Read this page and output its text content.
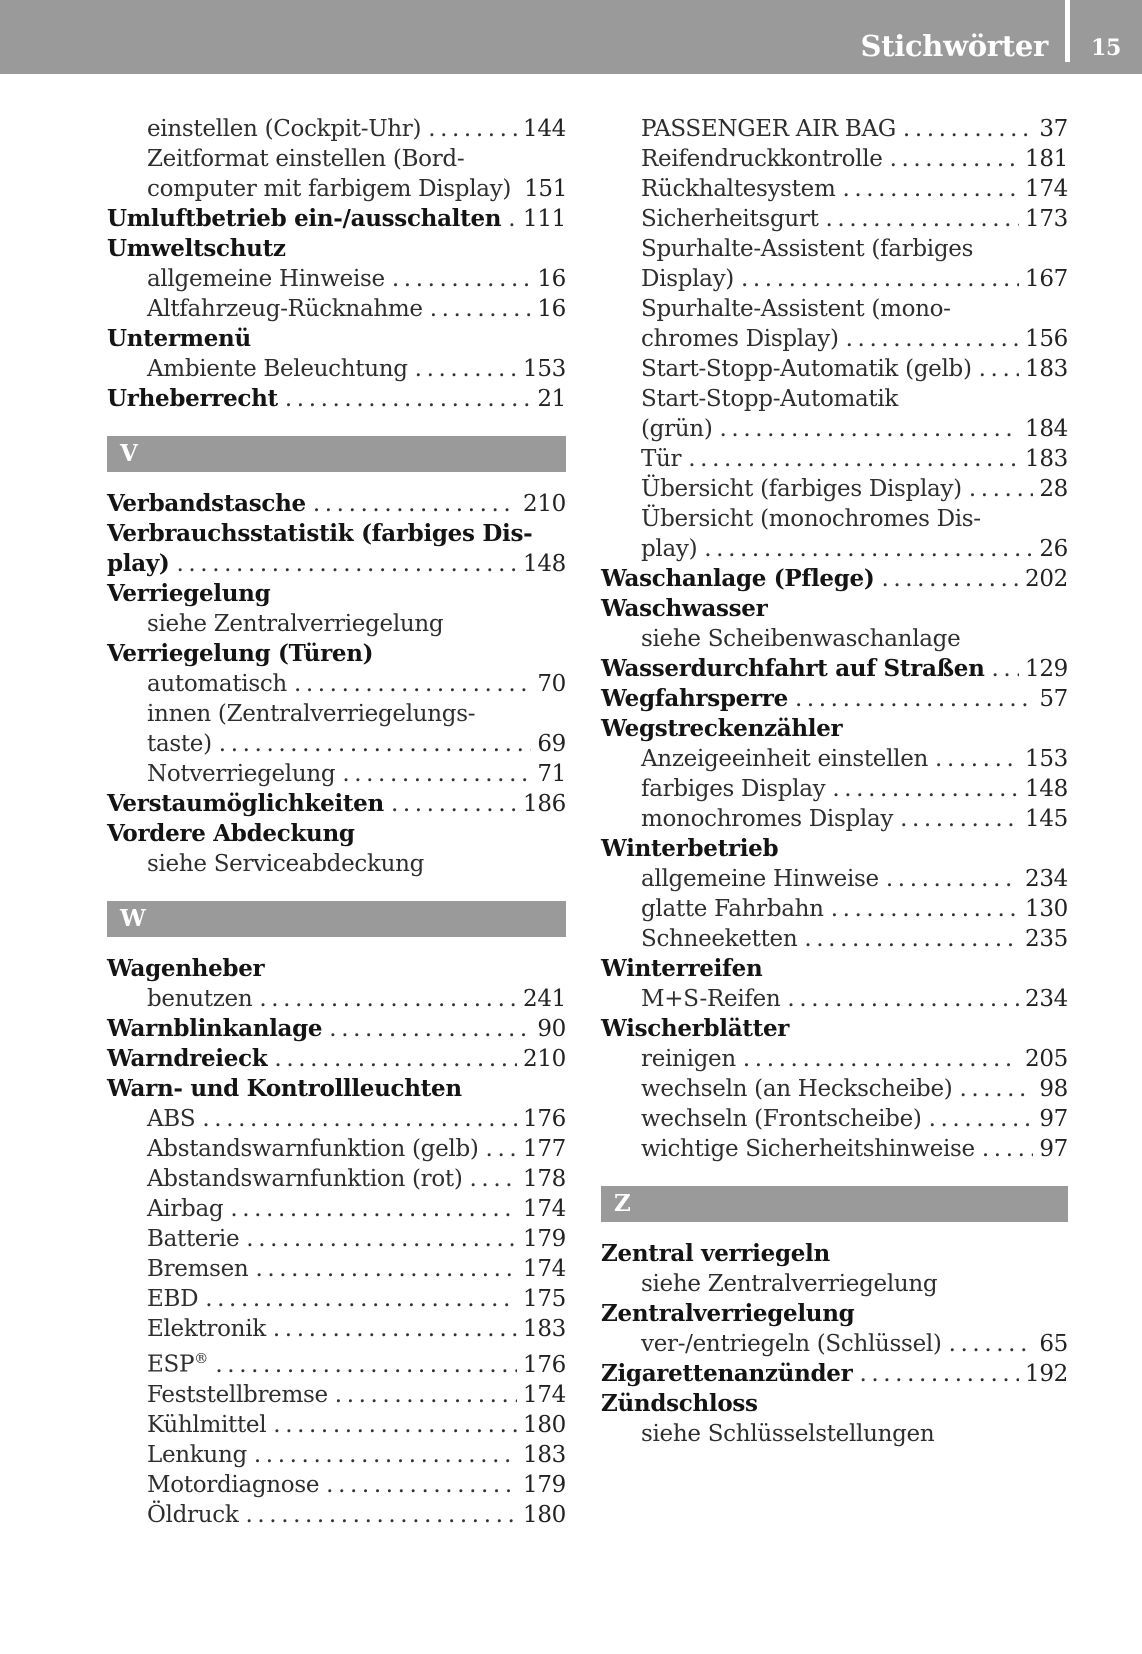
Stichwörter	15
einstellen (Cockpit-Uhr) .....	144
Zeitformat einstellen (Bord-
computer mit farbigem Display) 151
Umluftbetrieb ein-/ausschalten ..... 111
Umweltschutz
allgemeine Hinweise .....	16
Altfahrzeug-Rücknahme .....	16
Untermenü
Ambiente Beleuchtung .....	153
Urheberrecht .....	21
V
Verbandstasche .....	210
Verbrauchsstatistik (farbiges Dis-
play) .....	148
Verriegelung
siehe Zentralverriegelung
Verriegelung (Türen)
automatisch .....	70
innen (Zentralverriegelungs-
taste) .....	69
Notverriegelung .....	71
Verstaumöglichkeiten .....	186
Vordere Abdeckung
siehe Serviceabdeckung
W
Wagenheber
benutzen .....	241
Warnblinkanlage .....	90
Warndreieck .....	210
Warn- und Kontrollleuchten
ABS .....	176
Abstandswarnfunktion (gelb) ..... 177
Abstandswarnfunktion (rot) .....	178
Airbag .....	174
Batterie .....	179
Bremsen .....	174
EBD .....	175
Elektronik .....	183
ESP® .....	176
Feststellbremse .....	174
Kühlmittel .....	180
Lenkung .....	183
Motordiagnose .....	179
Öldruck .....	180
PASSENGER AIR BAG .....	37
Reifendruckkontrolle .....	181
Rückhaltesystem .....	174
Sicherheitsgurt .....	173
Spurhalte-Assistent (farbiges
Display) .....	167
Spurhalte-Assistent (mono-
chromes Display) .....	156
Start-Stopp-Automatik (gelb) ..... 183
Start-Stopp-Automatik
(grün) .....	184
Tür .....	183
Übersicht (farbiges Display) .....	28
Übersicht (monochromes Dis-
play) .....	26
Waschanlage (Pflege) .....	202
Waschwasser
siehe Scheibenwaschanlage
Wasserdurchfahrt auf Straßen ..... 129
Wegfahrsperre .....	57
Wegstreckenzähler
Anzeigeeinheit einstellen .....	153
farbiges Display .....	148
monochromes Display .....	145
Winterbetrieb
allgemeine Hinweise .....	234
glatte Fahrbahn .....	130
Schneeketten .....	235
Winterreifen
M+S-Reifen .....	234
Wischerblätter
reinigen .....	205
wechseln (an Heckscheibe) .....	98
wechseln (Frontscheibe) .....	97
wichtige Sicherheitshinweise .....	97
Z
Zentral verriegeln
siehe Zentralverriegelung
Zentralverriegelung
ver-/entriegeln (Schlüssel) .....	65
Zigarettenanzünder .....	192
Zündschloss
siehe Schlüsselstellungen
